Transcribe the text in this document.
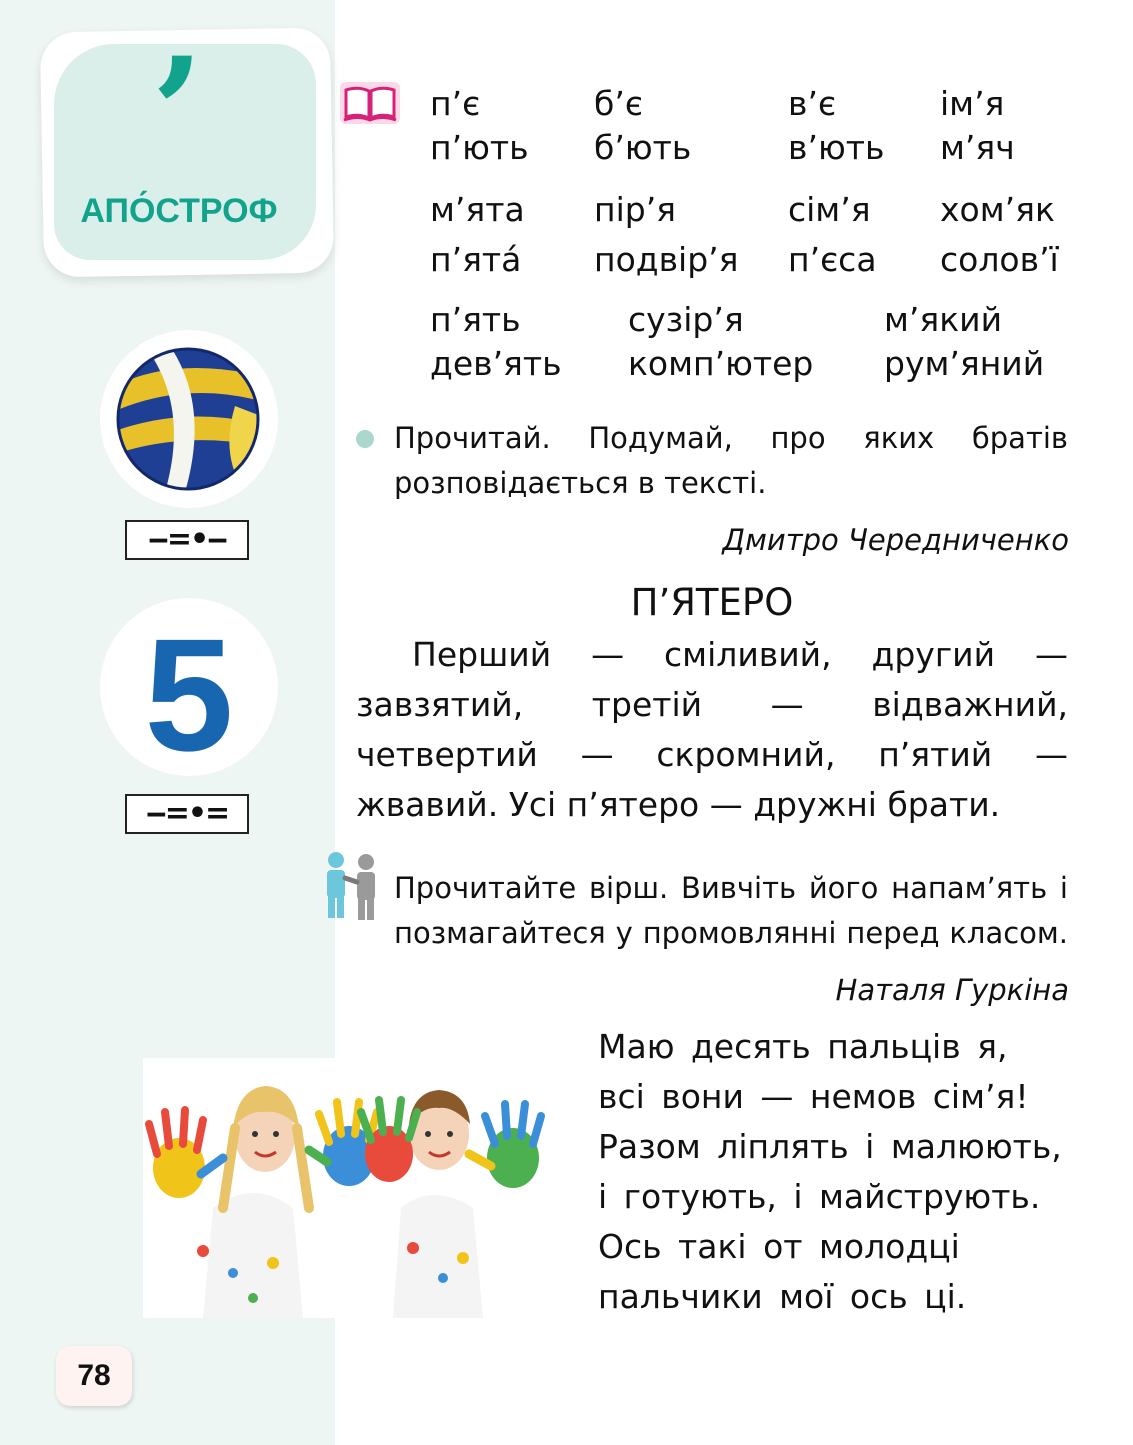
’
АПО́СТРОФ
‒=•‒
5
‒=•=
78
п’є
п’ють
б’є
б’ють
в’є
в’ють
ім’я
м’яч
м’ята
п’ята́
пір’я
подвір’я
сім’я
п’єса
хом’як
солов’ї
п’ять
дев’ять
сузір’я
комп’ютер
м’який
рум’яний
Прочитай. Подумай, про яких братів
розповідається в тексті.
Дмитро Чередниченко
П’ЯТЕРО

Перший — сміливий, другий — завзятий, третій — відважний, четвертий — скромний, п’ятий — жвавий. Усі п’ятеро — дружні брати.

Прочитайте вірш. Вивчіть його напам’ять і
позмагайтеся у промовлянні перед класом.
Наталя Гуркіна
Маю десять пальців я,
всі вони — немов сім’я!
Разом ліплять і малюють,
і готують, і майструють.
Ось такі от молодці
пальчики мої ось ці.
